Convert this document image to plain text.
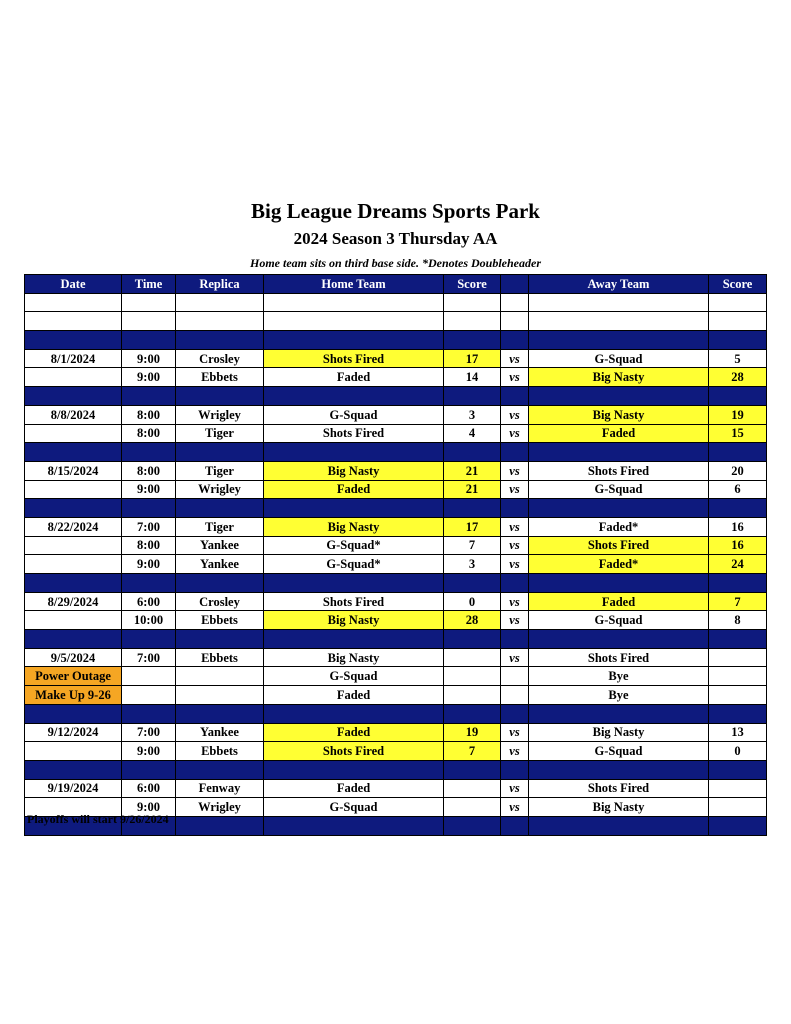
Big League Dreams Sports Park
2024 Season 3 Thursday AA
Home team sits on third base side. *Denotes Doubleheader
Date	Time	Replica	Home Team	Score		Away Team	Score

8/1/2024	9:00	Crosley	Shots Fired	17	vs	G-Squad	5
	9:00	Ebbets	Faded	14	vs	Big Nasty	28

8/8/2024	8:00	Wrigley	G-Squad	3	vs	Big Nasty	19
	8:00	Tiger	Shots Fired	4	vs	Faded	15

8/15/2024	8:00	Tiger	Big Nasty	21	vs	Shots Fired	20
	9:00	Wrigley	Faded	21	vs	G-Squad	6

8/22/2024	7:00	Tiger	Big Nasty	17	vs	Faded*	16
	8:00	Yankee	G-Squad*	7	vs	Shots Fired	16
	9:00	Yankee	G-Squad*	3	vs	Faded*	24

8/29/2024	6:00	Crosley	Shots Fired	0	vs	Faded	7
	10:00	Ebbets	Big Nasty	28	vs	G-Squad	8

9/5/2024	7:00	Ebbets	Big Nasty		vs	Shots Fired	
Power Outage			G-Squad			Bye	
Make Up 9-26			Faded			Bye	

9/12/2024	7:00	Yankee	Faded	19	vs	Big Nasty	13
	9:00	Ebbets	Shots Fired	7	vs	G-Squad	0

9/19/2024	6:00	Fenway	Faded		vs	Shots Fired	
	9:00	Wrigley	G-Squad		vs	Big Nasty	

Playoffs will start 9/26/2024
